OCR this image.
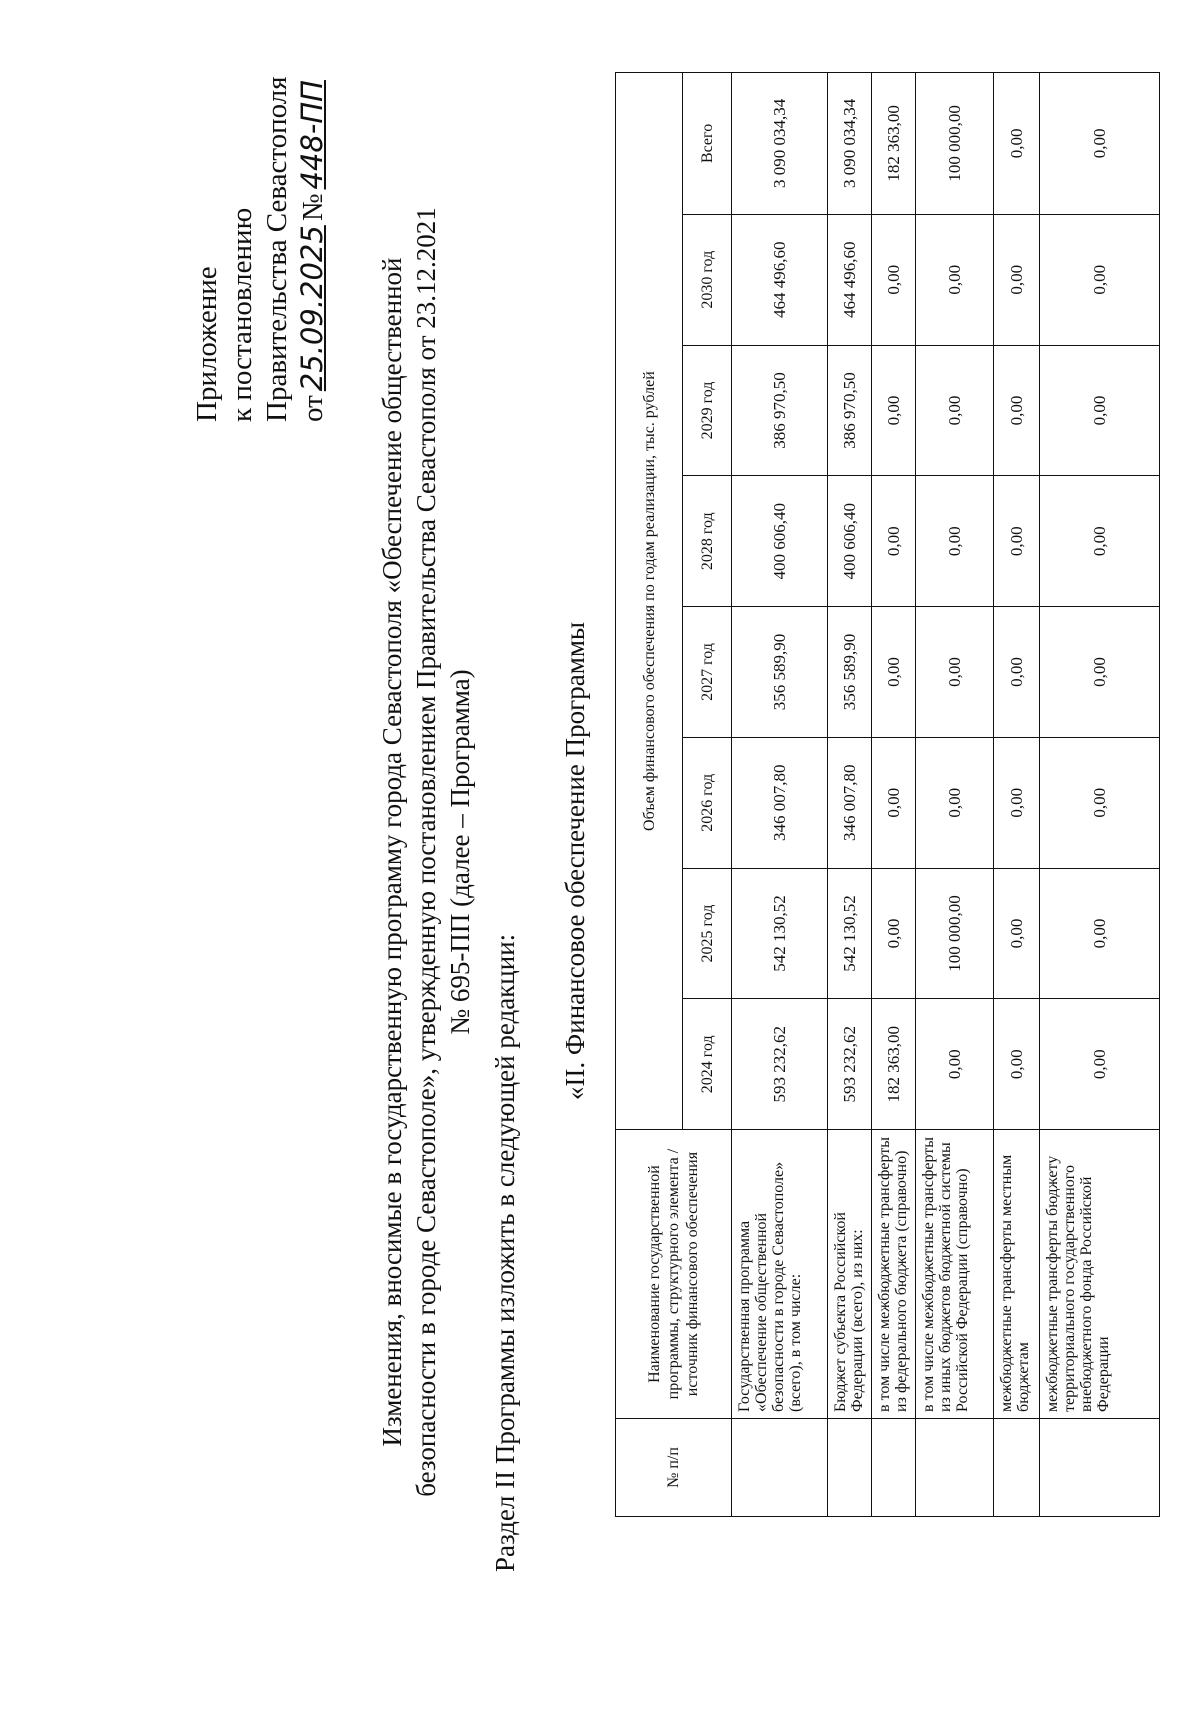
Приложение к постановлению Правительства Севастополя от25.09.2025№448-ПП
Изменения, вносимые в государственную программу города Севастополя «Обеспечение общественной безопасности в городе Севастополе», утвержденную постановлением Правительства Севастополя от 23.12.2021 № 695-ПП (далее – Программа)
Раздел II Программы изложить в следующей редакции:
«II. Финансовое обеспечение Программы
№ п/п	Наименование государственной программы, структурного элемента / источник финансового обеспечения	Объем финансового обеспечения по годам реализации, тыс. рублей							
		2024 год	2025 год	2026 год	2027 год	2028 год	2029 год	2030 год	Всего
	Государственная программа «Обеспечение общественной безопасности в городе Севастополе» (всего), в том числе:	593 232,62	542 130,52	346 007,80	356 589,90	400 606,40	386 970,50	464 496,60	3 090 034,34
	Бюджет субъекта Российской Федерации (всего), из них:	593 232,62	542 130,52	346 007,80	356 589,90	400 606,40	386 970,50	464 496,60	3 090 034,34
	в том числе межбюджетные трансферты из федерального бюджета (справочно)	182 363,00	0,00	0,00	0,00	0,00	0,00	0,00	182 363,00
	в том числе межбюджетные трансферты из иных бюджетов бюджетной системы Российской Федерации (справочно)	0,00	100 000,00	0,00	0,00	0,00	0,00	0,00	100 000,00
	межбюджетные трансферты местным бюджетам	0,00	0,00	0,00	0,00	0,00	0,00	0,00	0,00
	межбюджетные трансферты бюджету территориального государственного внебюджетного фонда Российской Федерации	0,00	0,00	0,00	0,00	0,00	0,00	0,00	0,00
